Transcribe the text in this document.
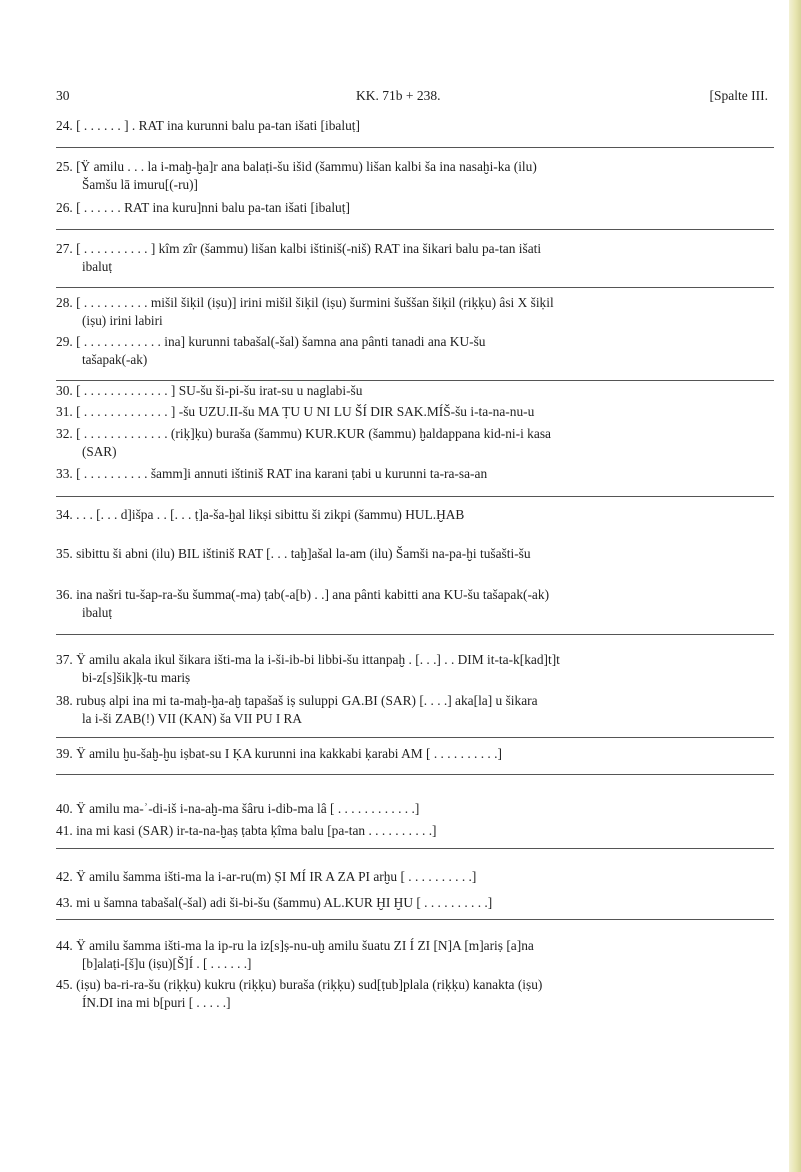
30	KK. 71b + 238.	[Spalte III.
24. [ . . . . . . ] . RAT ina kurunni balu pa-tan išati [ibaluṭ]
25. [Ÿ amilu . . . la i-maḫ-ḫa]r ana balaṭi-šu išid (šammu) lišan kalbi ša ina nasaḫi-ka (ilu)
Šamšu lā imuru[(-ru)]
26. [ . . . . . . RAT ina kuru]nni balu pa-tan išati [ibaluṭ]
27. [ . . . . . . . . . . ] kîm zîr (šammu) lišan kalbi ištiniš(-niš) RAT ina šikari balu pa-tan išati
ibaluṭ
28. [ . . . . . . . . . . mišil šiḳil (iṣu)] irini mišil šiḳil (iṣu) šurmini šuššan šiḳil (riḳḳu) âsi X šiḳil
(iṣu) irini labiri
29. [ . . . . . . . . . . . . ina] kurunni tabašal(-šal) šamna ana pânti tanadi ana KU-šu
tašapak(-ak)
30. [ . . . . . . . . . . . . . ] SU-šu ši-pi-šu irat-su u naglabi-šu
31. [ . . . . . . . . . . . . . ] -šu UZU.II-šu MA ṬU U NI LU ŠÍ DIR SAK.MÍŠ-šu i-ta-na-nu-u
32. [ . . . . . . . . . . . . . (riḳ]ḳu) buraša (šammu) KUR.KUR (šammu) ḫaldappana kid-ni-i kasa
(SAR)
33. [ . . . . . . . . . . šamm]i annuti ištiniš RAT ina karani ṭabi u kurunni ta-ra-sa-an
34. . . . [. . . d]išpa . . [. . . ṭ]a-ša-ḫal likṣi sibittu ši zikpi (šammu) HUL.ḪAB
35. sibittu ši abni (ilu) BIL ištiniš RAT [. . . taḫ]ašal la-am (ilu) Šamši na-pa-ḫi tušašti-šu
36. ina našri tu-šap-ra-šu šumma(-ma) ṭab(-a[b) . .] ana pânti kabitti ana KU-šu tašapak(-ak)
ibaluṭ
37. Ÿ amilu akala ikul šikara išti-ma la i-ši-ib-bi libbi-šu ittanpaḫ . [. . .] . . DIM it-ta-k[kad]t]t
bi-z[s]šik]ḳ-tu mariṣ
38. rubuṣ alpi ina mi ta-maḫ-ḫa-aḫ tapašaš iṣ suluppi GA.BI (SAR) [. . . .] aka[la] u šikara
la i-ši ZAB(!) VII (KAN) ša VII PU I RA
39. Ÿ amilu ḫu-šaḫ-ḫu iṣbat-su I ḲA kurunni ina kakkabi ḳarabi AM [ . . . . . . . . . .]
40. Ÿ amilu ma-ʾ-di-iš i-na-aḫ-ma šâru i-dib-ma lâ [ . . . . . . . . . . . .]
41. ina mi kasi (SAR) ir-ta-na-ḫaṣ ṭabta ḳîma balu [pa-tan . . . . . . . . . .]
42. Ÿ amilu šamma išti-ma la i-ar-ru(m) ṢI MÍ IR A ZA PI arḫu [ . . . . . . . . . .]
43. mi u šamna tabašal(-šal) adi ši-bi-šu (šammu) AL.KUR ḪI ḪU [ . . . . . . . . . .]
44. Ÿ amilu šamma išti-ma la ip-ru la iz[s]ṣ-nu-uḫ amilu šuatu ZI Í ZI [N]A [m]ariṣ [a]na
[b]alaṭi-[š]u (iṣu)[Š]Í . [ . . . . . .]
45. (iṣu) ba-ri-ra-šu (riḳḳu) kukru (riḳḳu) buraša (riḳḳu) sud[ṭub]plala (riḳḳu) kanakta (iṣu)
ÍN.DI ina mi b[puri [ . . . . .]
